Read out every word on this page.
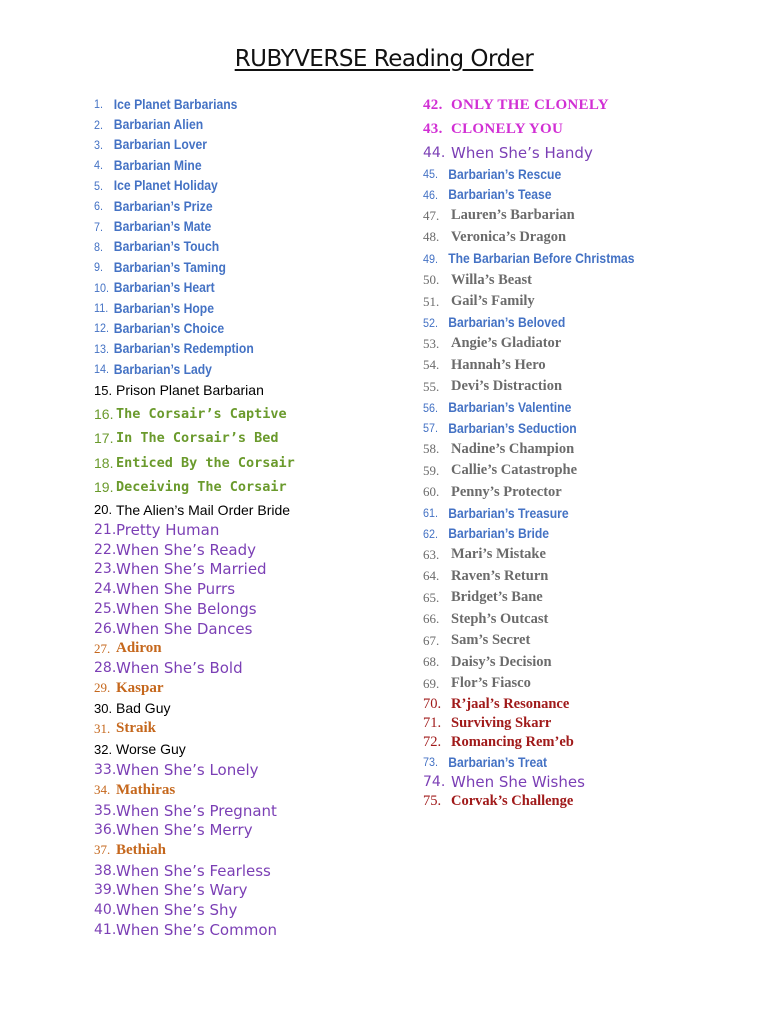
RUBYVERSE Reading Order
1. Ice Planet Barbarians
2. Barbarian Alien
3. Barbarian Lover
4. Barbarian Mine
5. Ice Planet Holiday
6. Barbarian’s Prize
7. Barbarian’s Mate
8. Barbarian’s Touch
9. Barbarian’s Taming
10. Barbarian’s Heart
11. Barbarian’s Hope
12. Barbarian’s Choice
13. Barbarian’s Redemption
14. Barbarian’s Lady
15. Prison Planet Barbarian
16. The Corsair’s Captive
17. In The Corsair’s Bed
18. Enticed By the Corsair
19. Deceiving The Corsair
20. The Alien’s Mail Order Bride
21. Pretty Human
22. When She’s Ready
23. When She’s Married
24. When She Purrs
25. When She Belongs
26. When She Dances
27. Adiron
28. When She’s Bold
29. Kaspar
30. Bad Guy
31. Straik
32. Worse Guy
33. When She’s Lonely
34. Mathiras
35. When She’s Pregnant
36. When She’s Merry
37. Bethiah
38. When She’s Fearless
39. When She’s Wary
40. When She’s Shy
41. When She’s Common
42. ONLY THE CLONELY
43. CLONELY YOU
44. When She’s Handy
45. Barbarian’s Rescue
46. Barbarian’s Tease
47. Lauren’s Barbarian
48. Veronica’s Dragon
49. The Barbarian Before Christmas
50. Willa’s Beast
51. Gail’s Family
52. Barbarian’s Beloved
53. Angie’s Gladiator
54. Hannah’s Hero
55. Devi’s Distraction
56. Barbarian’s Valentine
57. Barbarian’s Seduction
58. Nadine’s Champion
59. Callie’s Catastrophe
60. Penny’s Protector
61. Barbarian’s Treasure
62. Barbarian’s Bride
63. Mari’s Mistake
64. Raven’s Return
65. Bridget’s Bane
66. Steph’s Outcast
67. Sam’s Secret
68. Daisy’s Decision
69. Flor’s Fiasco
70. R’jaal’s Resonance
71. Surviving Skarr
72. Romancing Rem’eb
73. Barbarian’s Treat
74. When She Wishes
75. Corvak’s Challenge
